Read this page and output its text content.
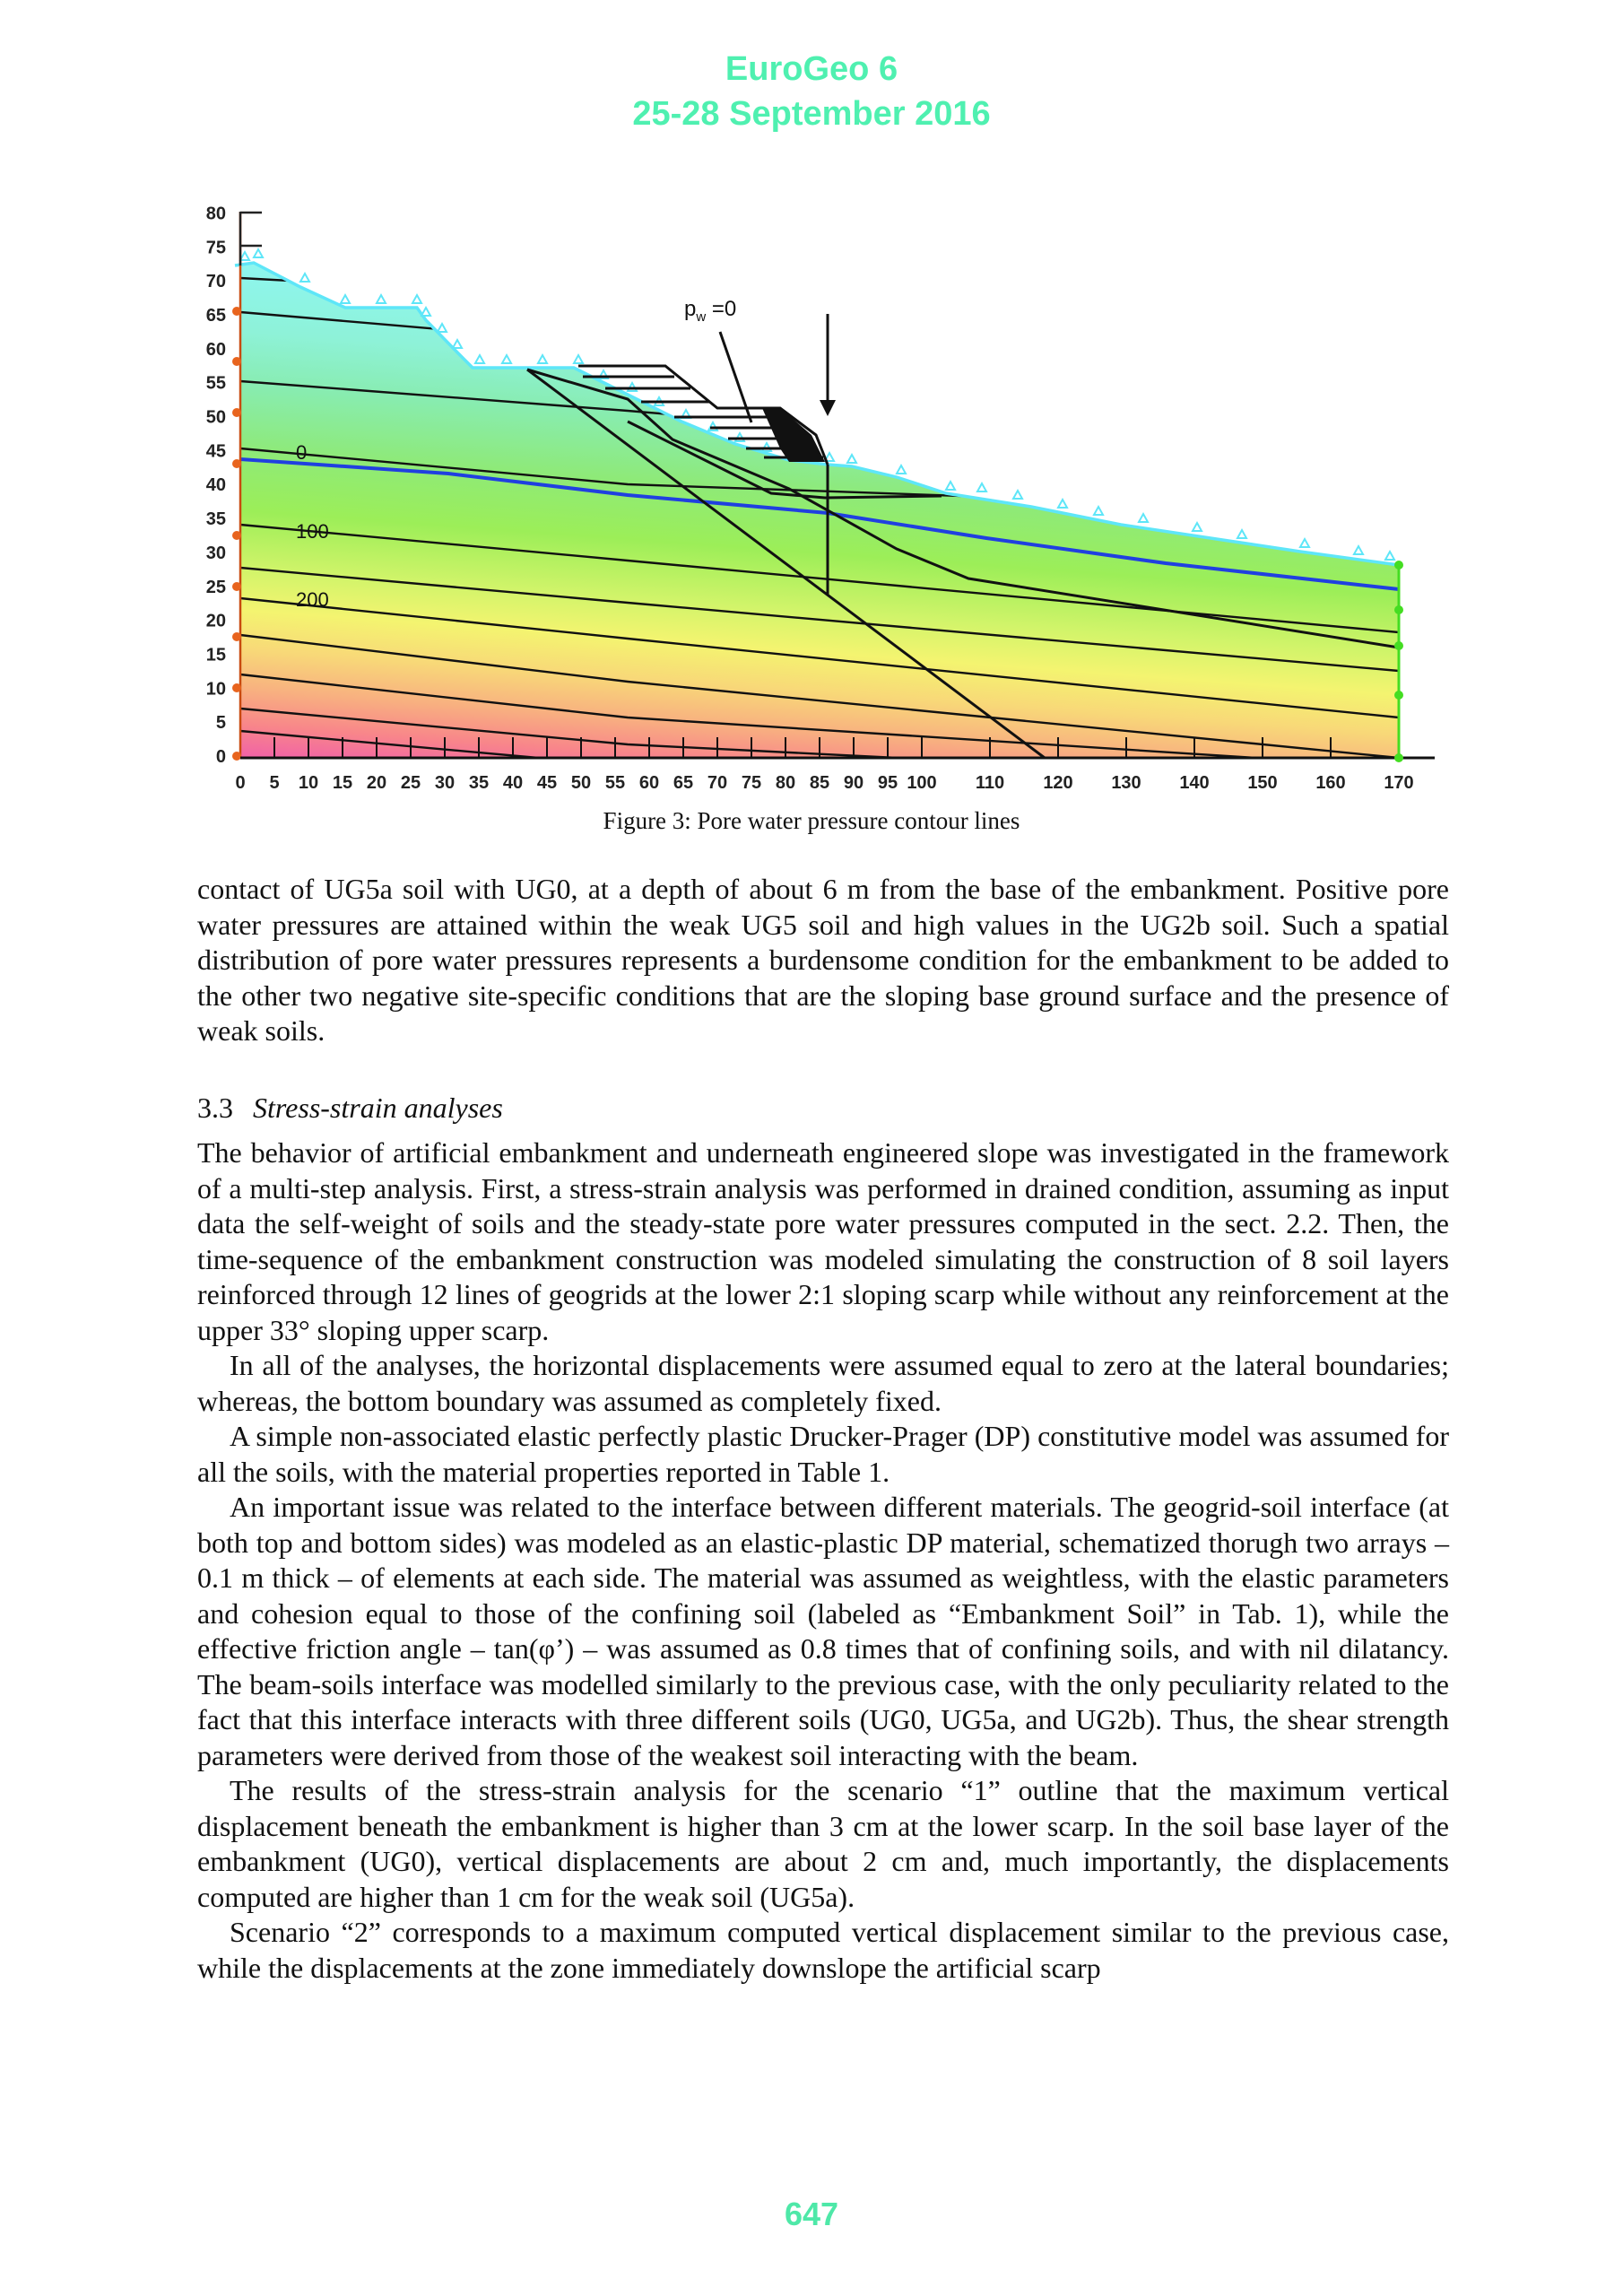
EuroGeo 6
25-28 September 2016
$p_w =0$
0
100
200
0
5
10
15
20
25
30
35
40
45
50
55
60
65
70
75
80
0 5 10 15 20 25 30 35 40 45 50 55 60 65 70 75 80 85 90 95 100 110 120 130 140 150 160 170
Figure 3: Pore water pressure contour lines

contact of UG5a soil with UG0, at a depth of about 6 m from the base of the embankment. Positive pore water pressures are attained within the weak UG5 soil and high values in the UG2b soil. Such a spatial distribution of pore water pressures represents a burdensome condition for the embankment to be added to the other two negative site-specific conditions that are the sloping base ground surface and the presence of weak soils.

3.3 Stress-strain analyses

The behavior of artificial embankment and underneath engineered slope was investigated in the framework of a multi-step analysis. First, a stress-strain analysis was performed in drained condition, assuming as input data the self-weight of soils and the steady-state pore water pressures computed in the sect. 2.2. Then, the time-sequence of the embankment construction was modeled simulating the construction of 8 soil layers reinforced through 12 lines of geogrids at the lower 2:1 sloping scarp while without any reinforcement at the upper 33° sloping upper scarp.

In all of the analyses, the horizontal displacements were assumed equal to zero at the lateral boundaries; whereas, the bottom boundary was assumed as completely fixed.

A simple non-associated elastic perfectly plastic Drucker-Prager (DP) constitutive model was assumed for all the soils, with the material properties reported in Table 1.

An important issue was related to the interface between different materials. The geogrid-soil interface (at both top and bottom sides) was modeled as an elastic-plastic DP material, schematized thorugh two arrays – 0.1 m thick – of elements at each side. The material was assumed as weightless, with the elastic parameters and cohesion equal to those of the confining soil (labeled as “Embankment Soil” in Tab. 1), while the effective friction angle – tan(φ’) – was assumed as 0.8 times that of confining soils, and with nil dilatancy. The beam-soils interface was modelled similarly to the previous case, with the only peculiarity related to the fact that this interface interacts with three different soils (UG0, UG5a, and UG2b). Thus, the shear strength parameters were derived from those of the weakest soil interacting with the beam.

The results of the stress-strain analysis for the scenario “1” outline that the maximum vertical displacement beneath the embankment is higher than 3 cm at the lower scarp. In the soil base layer of the embankment (UG0), vertical displacements are about 2 cm and, much importantly, the displacements computed are higher than 1 cm for the weak soil (UG5a).

Scenario “2” corresponds to a maximum computed vertical displacement similar to the previous case, while the displacements at the zone immediately downslope the artificial scarp

647
